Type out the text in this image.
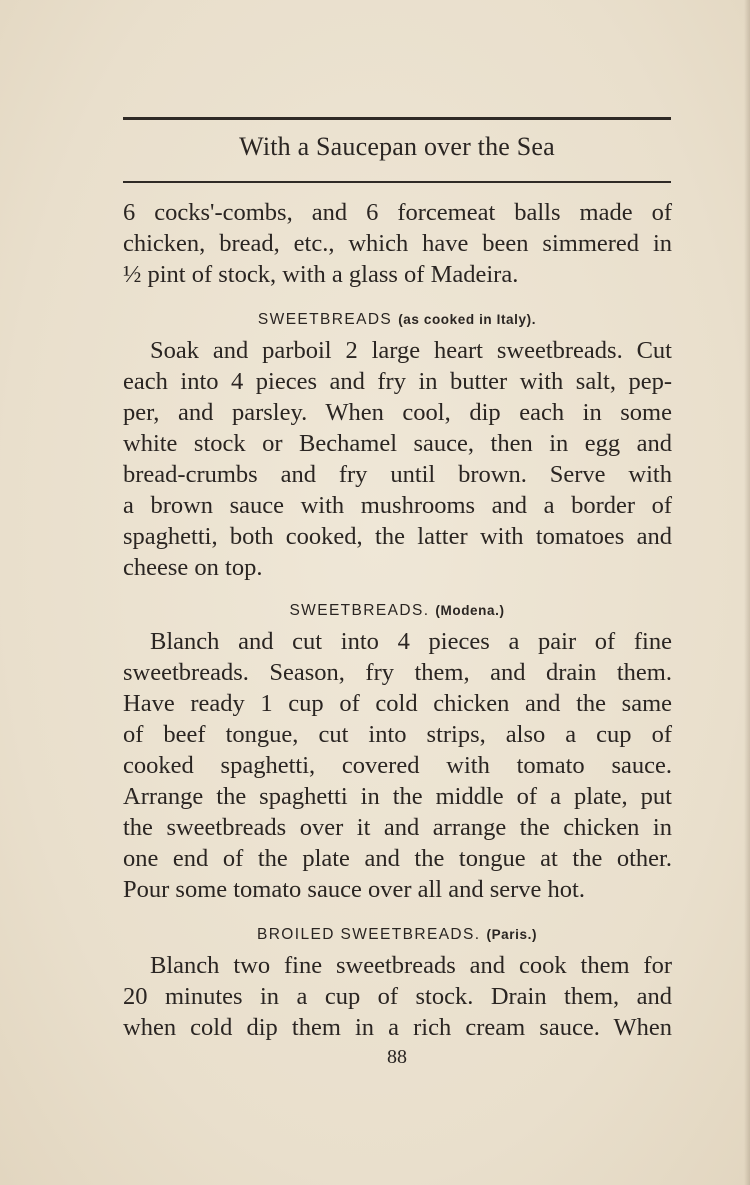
With a Saucepan over the Sea
6 cocks'-combs, and 6 forcemeat balls made of
chicken, bread, etc., which have been simmered in
½ pint of stock, with a glass of Madeira.
SWEETBREADS (as cooked in Italy).
Soak and parboil 2 large heart sweetbreads. Cut
each into 4 pieces and fry in butter with salt, pep-
per, and parsley. When cool, dip each in some
white stock or Bechamel sauce, then in egg and
bread-crumbs and fry until brown. Serve with
a brown sauce with mushrooms and a border of
spaghetti, both cooked, the latter with tomatoes and
cheese on top.
SWEETBREADS. (Modena.)
Blanch and cut into 4 pieces a pair of fine
sweetbreads. Season, fry them, and drain them.
Have ready 1 cup of cold chicken and the same
of beef tongue, cut into strips, also a cup of
cooked spaghetti, covered with tomato sauce.
Arrange the spaghetti in the middle of a plate, put
the sweetbreads over it and arrange the chicken in
one end of the plate and the tongue at the other.
Pour some tomato sauce over all and serve hot.
BROILED SWEETBREADS. (Paris.)
Blanch two fine sweetbreads and cook them for
20 minutes in a cup of stock. Drain them, and
when cold dip them in a rich cream sauce. When
88
